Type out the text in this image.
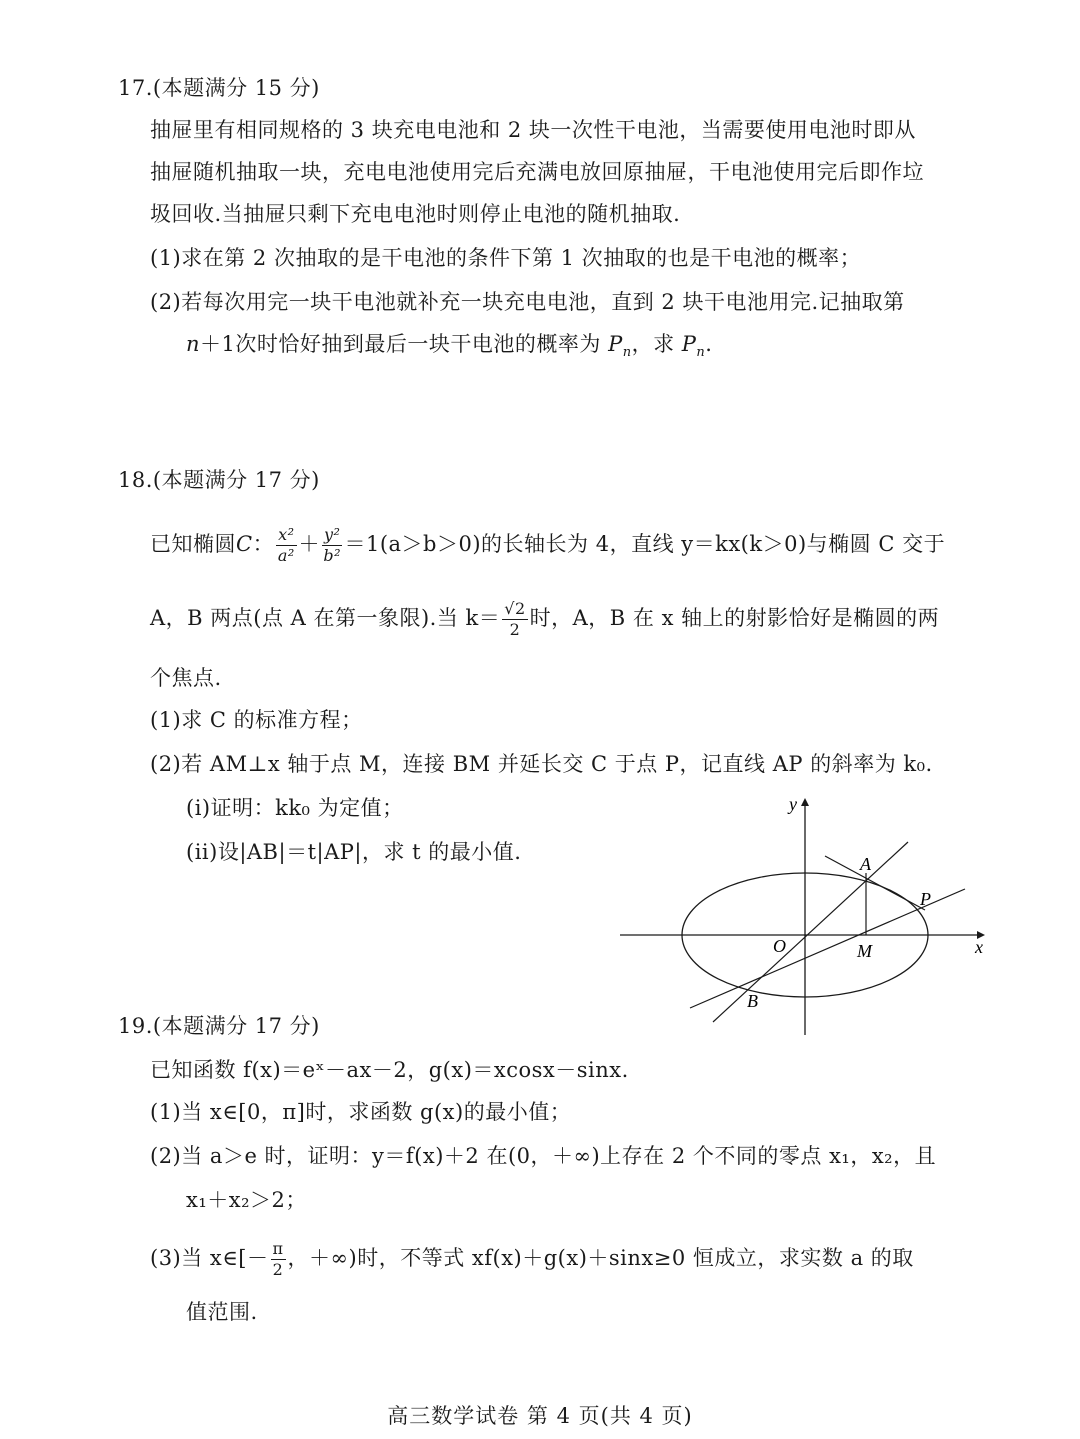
17.(本题满分 15 分)
抽屉里有相同规格的 3 块充电电池和 2 块一次性干电池，当需要使用电池时即从
抽屉随机抽取一块，充电电池使用完后充满电放回原抽屉，干电池使用完后即作垃
圾回收.当抽屉只剩下充电电池时则停止电池的随机抽取.
(1)求在第 2 次抽取的是干电池的条件下第 1 次抽取的也是干电池的概率；
(2)若每次用完一块干电池就补充一块充电电池，直到 2 块干电池用完.记抽取第
n＋1次时恰好抽到最后一块干电池的概率为 $P_n$，求 $P_n$.
18.(本题满分 17 分)
已知椭圆C： $\frac{\text{x²}}{\text{a²}} + \frac{\text{y²}}{\text{b²}} =1(a>b>0)$的长轴长为 4，直线 y＝kx(k＞0)与椭圆 C 交于
A，B 两点(点 A 在第一象限).当 $k= \frac{√2}{2}$ 时，A，B 在 x 轴上的射影恰好是椭圆的两
个焦点.
(1)求 C 的标准方程；
(2)若 AM⊥x 轴于点 M，连接 BM 并延长交 C 于点 P，记直线 AP 的斜率为 k₀.
(i)证明：kk₀ 为定值；
(ii)设|AB|＝t|AP|，求 t 的最小值.
y
x
O
A
B
M
P
19.(本题满分 17 分)
已知函数 f(x)＝eˣ－ax－2，g(x)＝xcosx－sinx.
(1)当 x∈[0，π]时，求函数 g(x)的最小值；
(2)当 a＞e 时，证明：y＝f(x)＋2 在(0，＋∞)上存在 2 个不同的零点 x₁，x₂，且
x₁＋x₂＞2；
(3)当 x∈[－ $\frac{\pi}{2}$ ，＋∞)时，不等式 xf(x)＋g(x)＋sinx≥0 恒成立，求实数 a 的取
值范围.
高三数学试卷 第 4 页(共 4 页)
